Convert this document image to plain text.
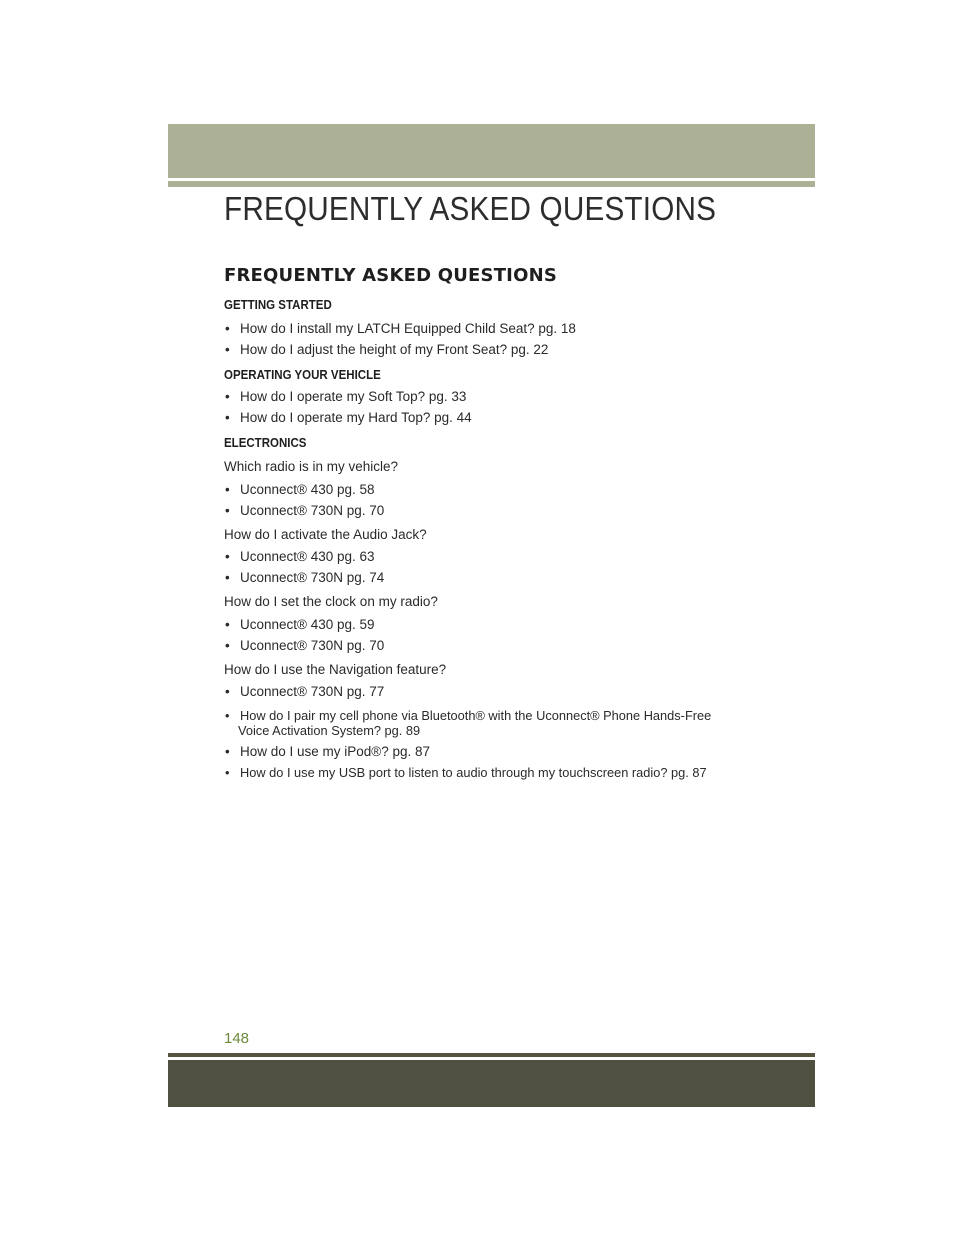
FREQUENTLY ASKED QUESTIONS
FREQUENTLY ASKED QUESTIONS
GETTING STARTED
• How do I install my LATCH Equipped Child Seat? pg. 18
• How do I adjust the height of my Front Seat? pg. 22
OPERATING YOUR VEHICLE
• How do I operate my Soft Top? pg. 33
• How do I operate my Hard Top? pg. 44
ELECTRONICS
Which radio is in my vehicle?
• Uconnect® 430 pg. 58
• Uconnect® 730N pg. 70
How do I activate the Audio Jack?
• Uconnect® 430 pg. 63
• Uconnect® 730N pg. 74
How do I set the clock on my radio?
• Uconnect® 430 pg. 59
• Uconnect® 730N pg. 70
How do I use the Navigation feature?
• Uconnect® 730N pg. 77
• How do I pair my cell phone via Bluetooth® with the Uconnect® Phone Hands-Free
Voice Activation System? pg. 89
• How do I use my iPod®? pg. 87
• How do I use my USB port to listen to audio through my touchscreen radio? pg. 87
148
